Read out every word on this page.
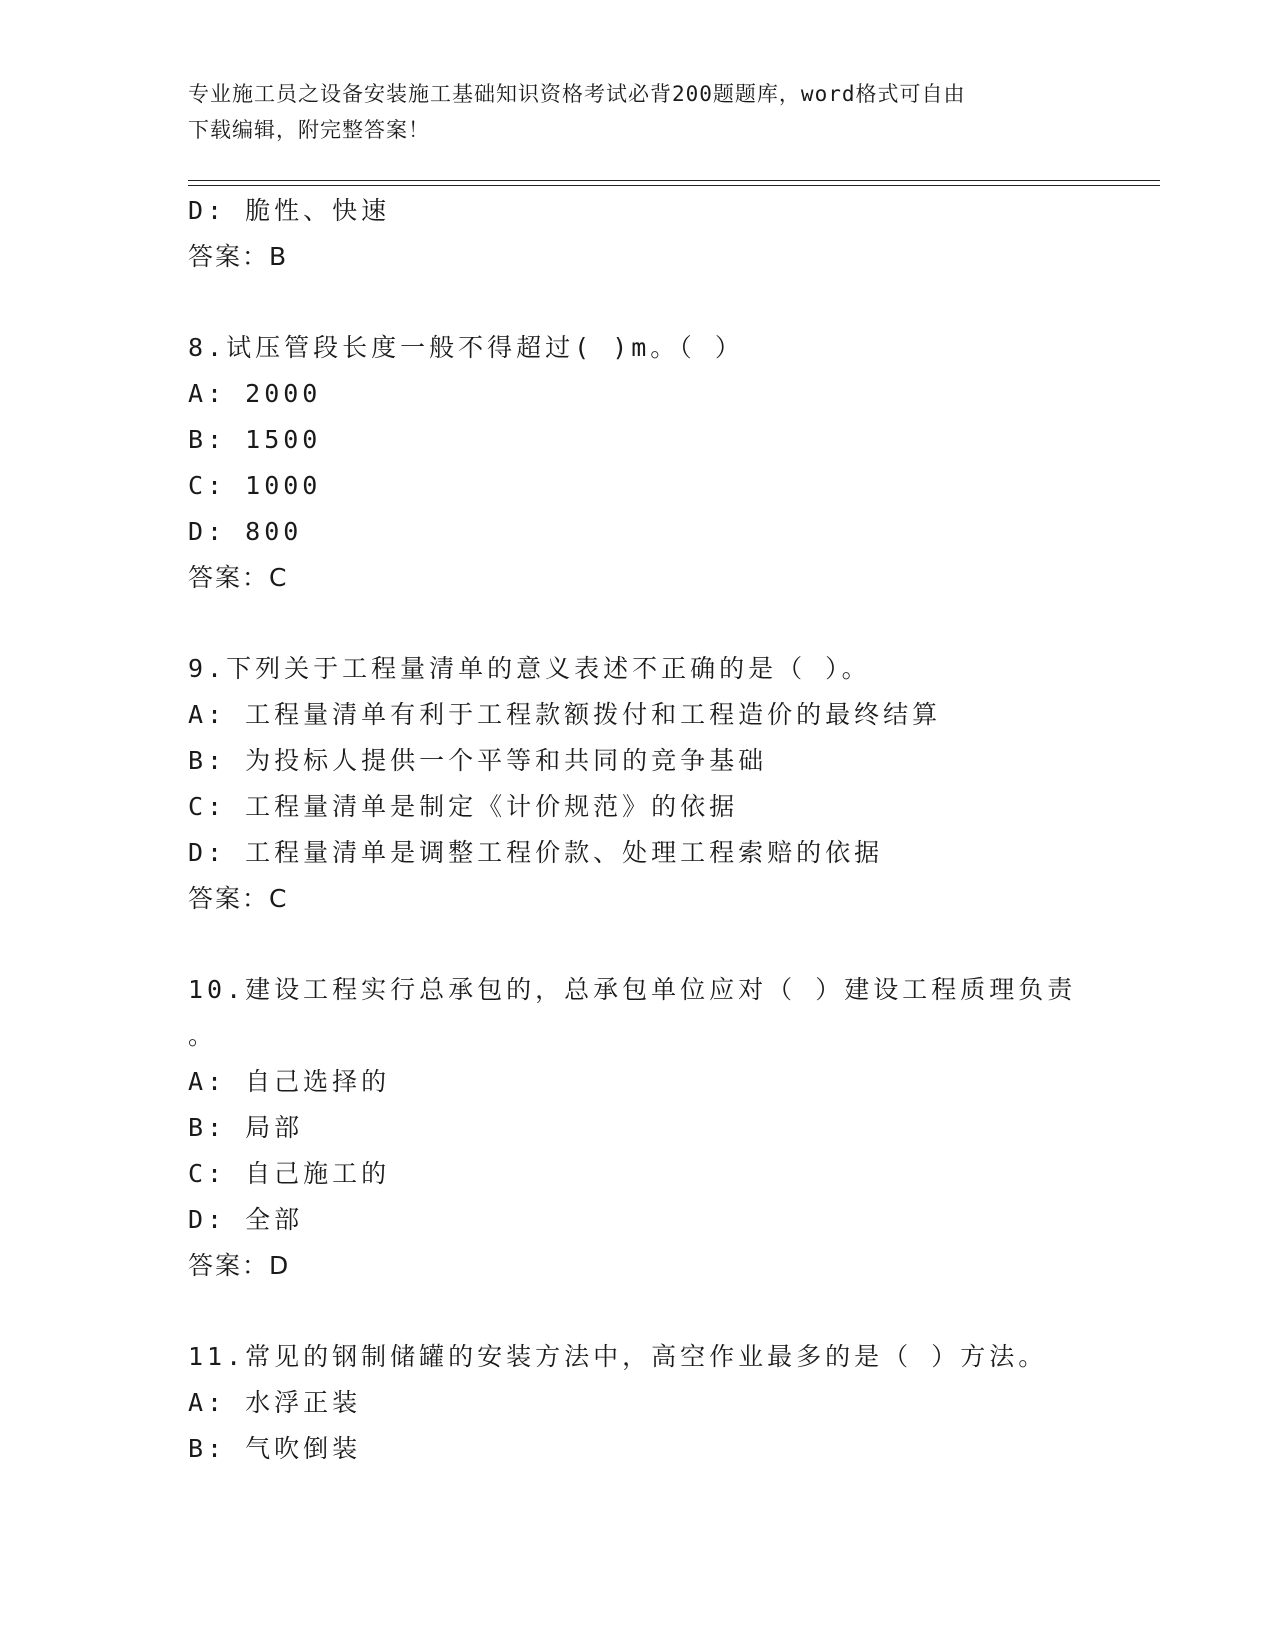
专业施工员之设备安装施工基础知识资格考试必背200题题库，word格式可自由
下载编辑，附完整答案！
D: 脆性、快速
答案：B
8.试压管段长度一般不得超过( )m。（ ）
A: 2000
B: 1500
C: 1000
D: 800
答案：C
9.下列关于工程量清单的意义表述不正确的是（ ）。
A: 工程量清单有利于工程款额拨付和工程造价的最终结算
B: 为投标人提供一个平等和共同的竞争基础
C: 工程量清单是制定《计价规范》的依据
D: 工程量清单是调整工程价款、处理工程索赔的依据
答案：C
10.建设工程实行总承包的，总承包单位应对（ ）建设工程质理负责
。
A: 自己选择的
B: 局部
C: 自己施工的
D: 全部
答案：D
11.常见的钢制储罐的安装方法中，高空作业最多的是（ ）方法。
A: 水浮正装
B: 气吹倒装
